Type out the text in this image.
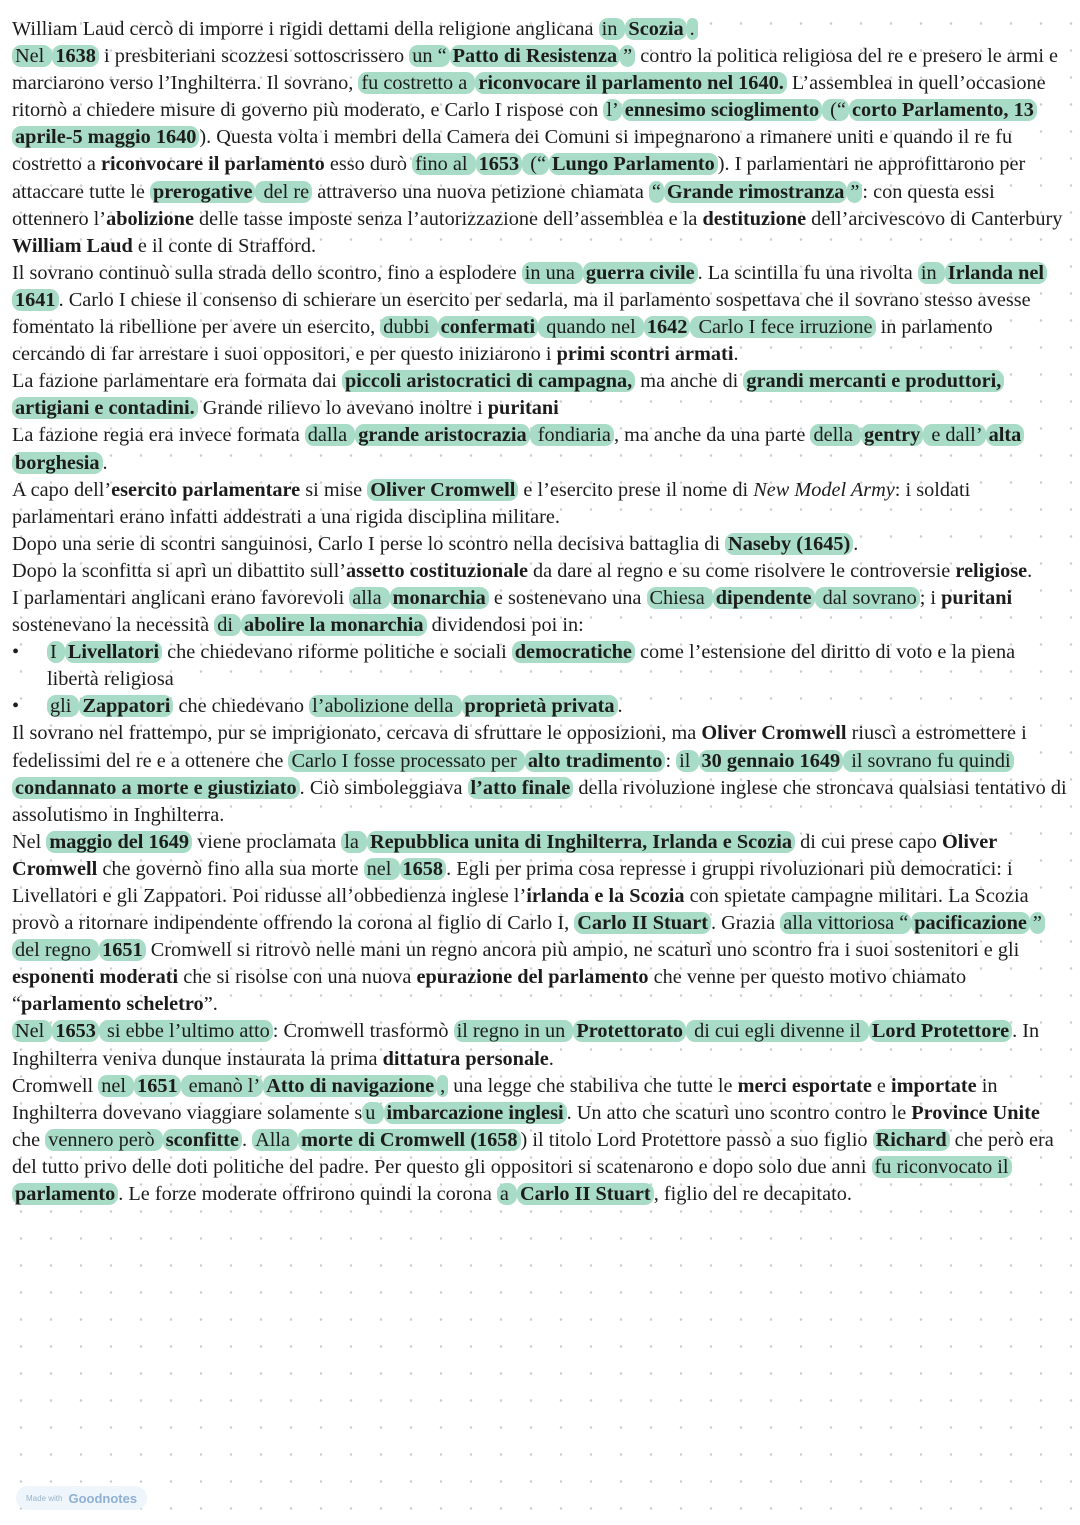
William Laud cercò di imporre i rigidi dettami della religione anglicana in Scozia .

Nel 1638 i presbiteriani scozzesi sottoscrissero un “ Patto di Resistenza ” contro la politica religiosa del re e presero le armi e marciarono verso l’Inghilterra. Il sovrano, fu costretto a riconvocare il parlamento nel 1640. L’assemblea in quell’occasione ritornò a chiedere misure di governo più moderato, e Carlo I rispose con l’ ennesimo scioglimento (“ corto Parlamento, 13 aprile-5 maggio 1640 ). Questa volta i membri della Camera dei Comuni si impegnarono a rimanere uniti e quando il re fu costretto a riconvocare il parlamento esso durò fino al 1653 (“ Lungo Parlamento ). I parlamentari ne approfittarono per attaccare tutte le prerogative del re attraverso una nuova petizione chiamata “ Grande rimostranza ” : con questa essi ottennero l’abolizione delle tasse imposte senza l’autorizzazione dell’assemblea e la destituzione dell’arcivescovo di Canterbury William Laud e il conte di Strafford.

Il sovrano continuò sulla strada dello scontro, fino a esplodere in una guerra civile . La scintilla fu una rivolta in Irlanda nel 1641 . Carlo I chiese il consenso di schierare un esercito per sedarla, ma il parlamento sospettava che il sovrano stesso avesse fomentato la ribellione per avere un esercito, dubbi confermati quando nel 1642 Carlo I fece irruzione in parlamento cercando di far arrestare i suoi oppositori, e per questo iniziarono i primi scontri armati.

La fazione parlamentare era formata dai piccoli aristocratici di campagna, ma anche di grandi mercanti e produttori, artigiani e contadini. Grande rilievo lo avevano inoltre i puritani

La fazione regia era invece formata dalla grande aristocrazia fondiaria , ma anche da una parte della gentry e dall’ alta borghesia .

A capo dell’esercito parlamentare si mise Oliver Cromwell e l’esercito prese il nome di New Model Army: i soldati parlamentari erano infatti addestrati a una rigida disciplina militare.

Dopo una serie di scontri sanguinosi, Carlo I perse lo scontro nella decisiva battaglia di Naseby (1645) .

Dopo la sconfitta si aprì un dibattito sull’assetto costituzionale da dare al regno e su come risolvere le controversie religiose.

I parlamentari anglicani erano favorevoli alla monarchia e sostenevano una Chiesa dipendente dal sovrano ; i puritani sostenevano la necessità di abolire la monarchia dividendosi poi in:

•	I Livellatori che chiedevano riforme politiche e sociali democratiche come l’estensione del diritto di voto e la piena libertà religiosa
•	gli Zappatori che chiedevano l’abolizione della proprietà privata .

Il sovrano nel frattempo, pur se imprigionato, cercava di sfruttare le opposizioni, ma Oliver Cromwell riuscì a estromettere i fedelissimi del re e a ottenere che Carlo I fosse processato per alto tradimento : il 30 gennaio 1649 il sovrano fu quindi condannato a morte e giustiziato . Ciò simboleggiava l’atto finale della rivoluzione inglese che stroncava qualsiasi tentativo di assolutismo in Inghilterra.

Nel maggio del 1649 viene proclamata la Repubblica unita di Inghilterra, Irlanda e Scozia di cui prese capo Oliver Cromwell che governò fino alla sua morte nel 1658 . Egli per prima cosa represse i gruppi rivoluzionari più democratici: i Livellatori e gli Zappatori. Poi ridusse all’obbedienza inglese l’irlanda e la Scozia con spietate campagne militari. La Scozia provò a ritornare indipendente offrendo la corona al figlio di Carlo I, Carlo II Stuart . Grazia alla vittoriosa “ pacificazione ” del regno 1651 Cromwell si ritrovò nelle mani un regno ancora più ampio, ne scaturì uno scontro fra i suoi sostenitori e gli esponenti moderati che si risolse con una nuova epurazione del parlamento che venne per questo motivo chiamato “parlamento scheletro”.

Nel 1653 si ebbe l’ultimo atto : Cromwell trasformò il regno in un Protettorato di cui egli divenne il Lord Protettore . In Inghilterra veniva dunque instaurata la prima dittatura personale.

Cromwell nel 1651 emanò l’ Atto di navigazione , una legge che stabiliva che tutte le merci esportate e importate in Inghilterra dovevano viaggiare solamente s u imbarcazione inglesi . Un atto che scaturì uno scontro contro le Province Unite che vennero però sconfitte . Alla morte di Cromwell (1658 ) il titolo Lord Protettore passò a suo figlio Richard che però era del tutto privo delle doti politiche del padre. Per questo gli oppositori si scatenarono e dopo solo due anni fu riconvocato il parlamento . Le forze moderate offrirono quindi la corona a Carlo II Stuart , figlio del re decapitato.

Made with Goodnotes
